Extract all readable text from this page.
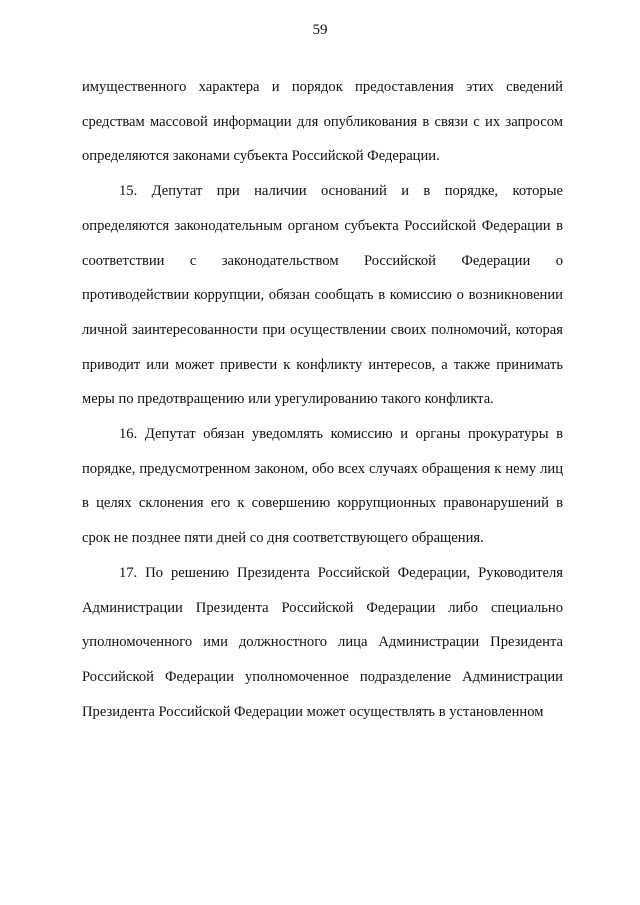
59

имущественного характера и порядок предоставления этих сведений средствам массовой информации для опубликования в связи с их запросом определяются законами субъекта Российской Федерации.

15. Депутат при наличии оснований и в порядке, которые определяются законодательным органом субъекта Российской Федерации в соответствии с законодательством Российской Федерации о противодействии коррупции, обязан сообщать в комиссию о возникновении личной заинтересованности при осуществлении своих полномочий, которая приводит или может привести к конфликту интересов, а также принимать меры по предотвращению или урегулированию такого конфликта.

16. Депутат обязан уведомлять комиссию и органы прокуратуры в порядке, предусмотренном законом, обо всех случаях обращения к нему лиц в целях склонения его к совершению коррупционных правонарушений в срок не позднее пяти дней со дня соответствующего обращения.

17. По решению Президента Российской Федерации, Руководителя Администрации Президента Российской Федерации либо специально уполномоченного ими должностного лица Администрации Президента Российской Федерации уполномоченное подразделение Администрации Президента Российской Федерации может осуществлять в установленном
